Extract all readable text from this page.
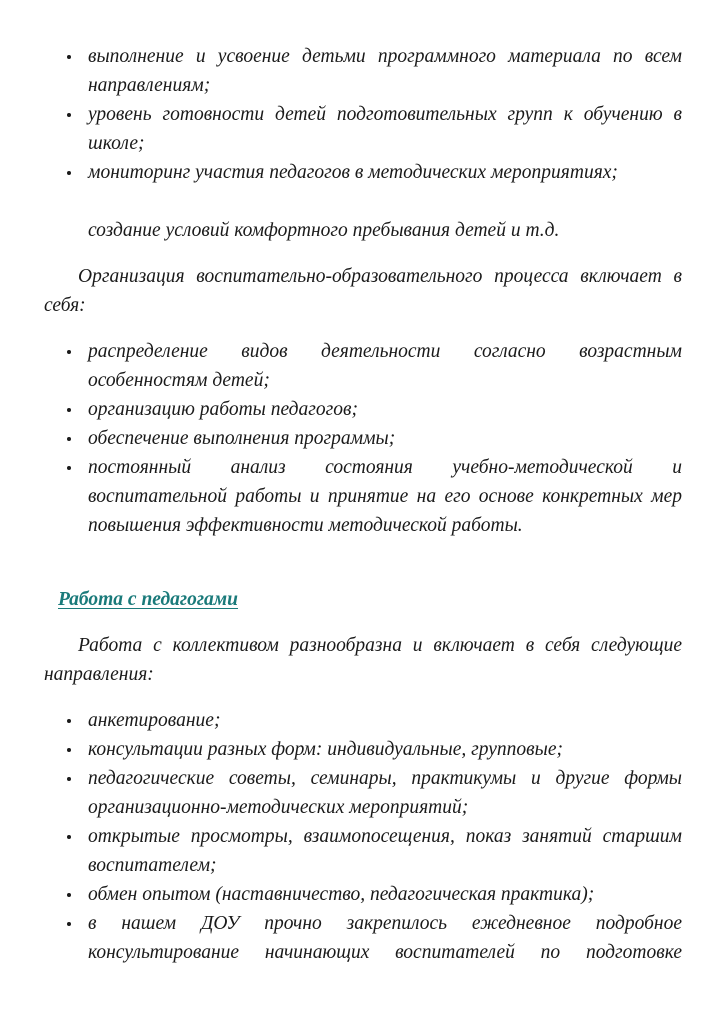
выполнение и усвоение детьми программного материала по всем направлениям;
уровень готовности детей подготовительных групп к обучению в школе;
мониторинг участия педагогов в методических мероприятиях;

создание условий комфортного пребывания детей и т.д.

Организация воспитательно-образовательного процесса включает в себя:

распределение видов деятельности согласно возрастным особенностям детей;
организацию работы педагогов;
обеспечение выполнения программы;
постоянный анализ состояния учебно-методической и воспитательной работы и принятие на его основе конкретных мер повышения эффективности методической работы.

Работа с педагогами

Работа с коллективом разнообразна и включает в себя следующие направления:

анкетирование;
консультации разных форм: индивидуальные, групповые;
педагогические советы, семинары, практикумы и другие формы организационно-методических мероприятий;
открытые просмотры, взаимопосещения, показ занятий старшим воспитателем;
обмен опытом (наставничество, педагогическая практика);
в нашем ДОУ прочно закрепилось ежедневное подробное консультирование начинающих воспитателей по подготовке
